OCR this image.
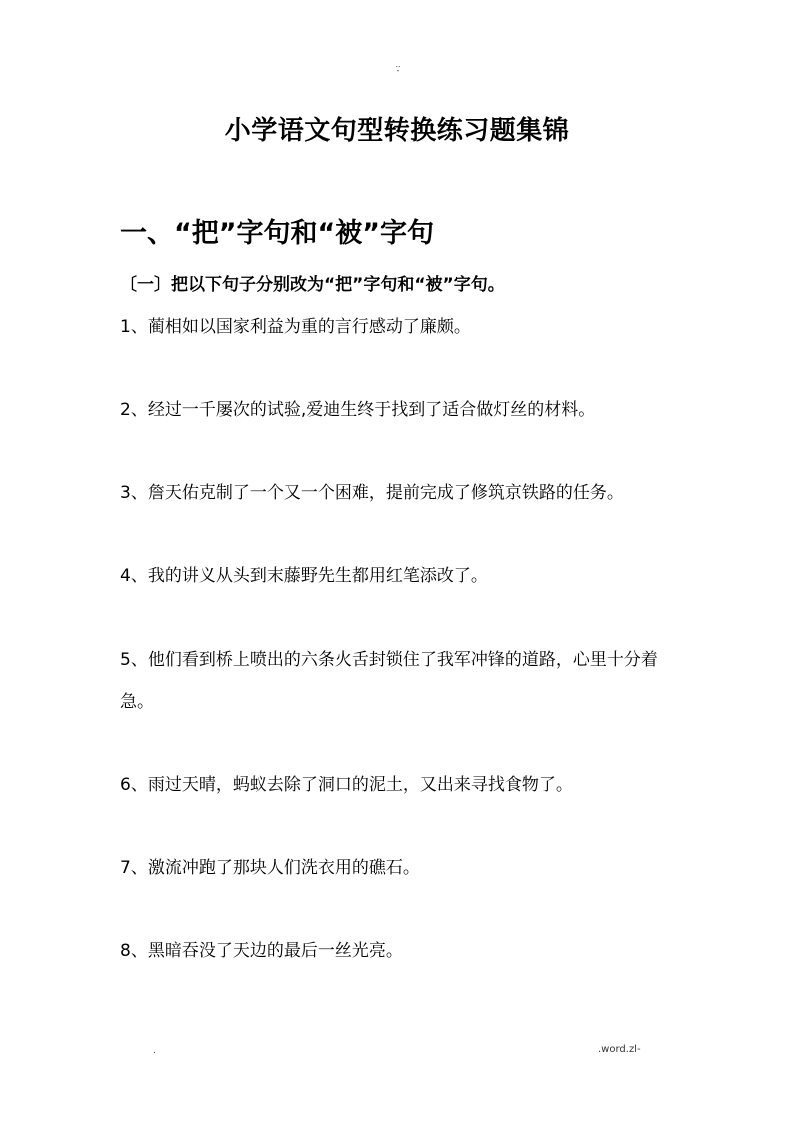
..
-
小学语文句型转换练习题集锦
一、“把”字句和“被”字句
〔一〕把以下句子分别改为“把”字句和“被”字句。
1、蔺相如以国家利益为重的言行感动了廉颇。
2、经过一千屡次的试验,爱迪生终于找到了适合做灯丝的材料。
3、詹天佑克制了一个又一个困难，提前完成了修筑京铁路的任务。
4、我的讲义从头到末藤野先生都用红笔添改了。
5、他们看到桥上喷出的六条火舌封锁住了我军冲锋的道路，心里十分着急。
6、雨过天晴，蚂蚁去除了洞口的泥土，又出来寻找食物了。
7、激流冲跑了那块人们洗衣用的礁石。
8、黑暗吞没了天边的最后一丝光亮。
.	.word.zl-
